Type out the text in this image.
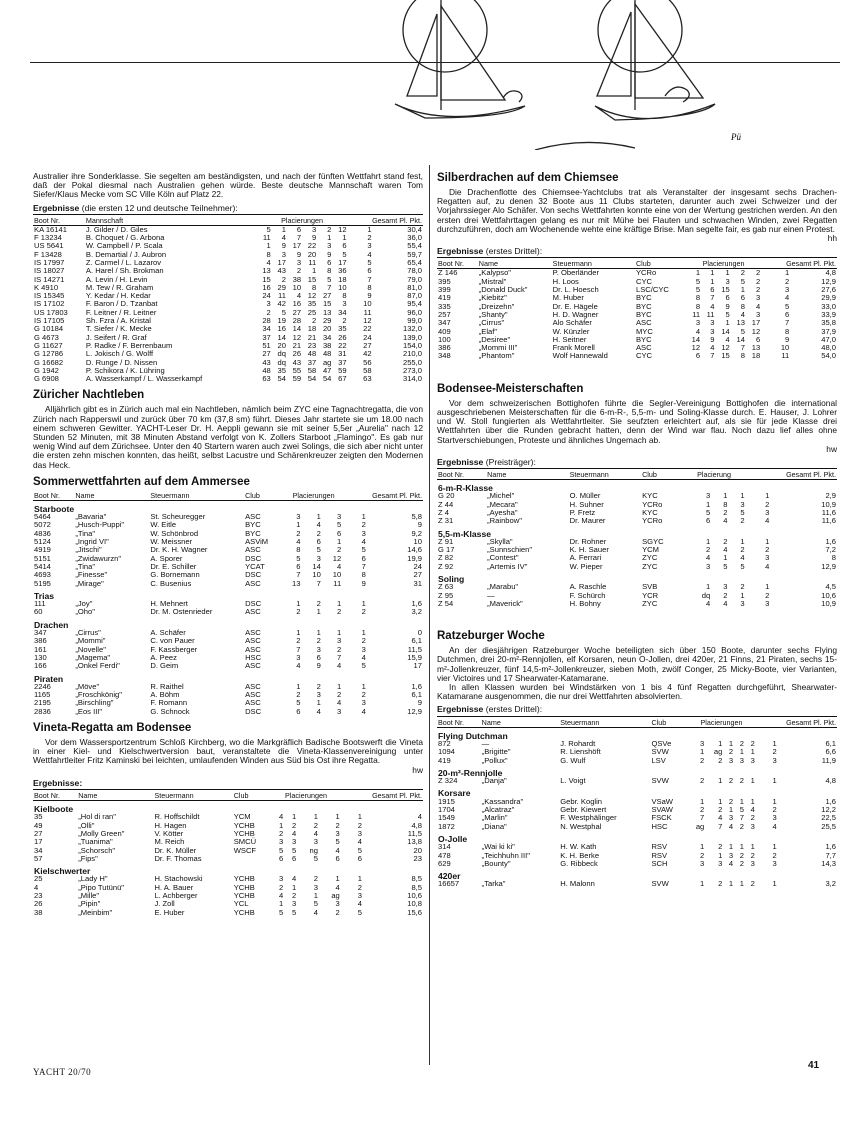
Pü

Australier ihre Sonderklasse. Sie segelten am beständigsten, und nach der fünften Wettfahrt stand fest, daß der Pokal diesmal nach Australien gehen würde. Beste deutsche Mannschaft waren Tom Siefer/Klaus Mecke vom SC Ville Köln auf Platz 22.

Ergebnisse (die ersten 12 und deutsche Teilnehmer):
Boot Nr.	Mannschaft	Placierungen						Gesamt Pl. Pkt.	
KA 16141	J. Gilder / D. Giles	5	1	6	3	2	12	1	30,4
F 13234	B. Choquet / G. Arbona	11	4	7	9	1	1	2	36,0
US 5641	W. Campbell / P. Scala	1	9	17	22	3	6	3	55,4
F 13428	B. Demartial / J. Aubron	8	3	9	20	9	5	4	59,7
IS 17997	Z. Carmel / L. Lazarov	4	17	3	11	6	17	5	65,4
IS 18027	A. Harel / Sh. Brokman	13	43	2	1	8	36	6	78,0
IS 14271	A. Levin / H. Levin	15	2	38	15	5	18	7	79,0
K 4910	M. Tew / R. Graham	16	29	10	8	7	10	8	81,0
IS 15345	Y. Kedar / H. Kedar	24	11	4	12	27	8	9	87,0
IS 17102	F. Baron / D. Tzanbat	3	42	16	35	15	3	10	95,4
US 17803	F. Leitner / R. Leitner	2	5	27	25	13	34	11	96,0
IS 17105	Sh. Fzra / A. Kristal	28	19	28	2	29	2	12	99,0
G 10184	T. Siefer / K. Mecke	34	16	14	18	20	35	22	132,0
G 4673	J. Seifert / R. Graf	37	14	12	21	34	26	24	139,0
G 11627	P. Radke / F. Berrenbaum	51	20	21	23	38	22	27	154,0
G 12786	L. Jokisch / G. Wolff	27	dq	26	48	48	31	42	210,0
G 16682	D. Runge / D. Nissen	43	dq	43	37	ag	37	56	255,0
G 1942	P. Schikora / K. Lühring	48	35	55	58	47	59	58	273,0
G 6908	A. Wasserkampf / L. Wasserkampf	63	54	59	54	54	67	63	314,0
Züricher Nachtleben

Alljährlich gibt es in Zürich auch mal ein Nachtleben, nämlich beim ZYC eine Tagnachtregatta, die von Zürich nach Rapperswil und zurück über 70 km (37,8 sm) führt. Dieses Jahr startete sie um 18.00 nach einem schweren Gewitter. YACHT-Leser Dr. H. Aeppli gewann sie mit seiner 5,5er „Aurelia" nach 12 Stunden 52 Minuten, mit 38 Minuten Abstand verfolgt von K. Zollers Starboot „Flamingo". Es gab nur wenig Wind auf dem Zürichsee. Unter den 40 Startern waren auch zwei Solings, die sich aber nicht unter die ersten zehn mischen konnten, das heißt, selbst Lacustre und Schärenkreuzer zeigten den Modernen das Heck.

Sommerwettfahrten auf dem Ammersee
Boot Nr.	Name	Steuermann	Club	Placierungen				Gesamt Pl. Pkt.	
Starboote									
5464	„Bavaria"	St. Scheuregger	ASC	3	1	3		1	5,8
5072	„Husch-Puppi"	W. Eitle	BYC	1	4	5		2	9
4836	„Tina"	W. Schönbrod	BYC	2	2	6		3	9,2
5124	„Ingrid VI"	W. Meissner	ASViM	4	6	1		4	10
4919	„Jitschi"	Dr. K. H. Wagner	ASC	8	5	2		5	14,6
5151	„Zwidawurzn"	A. Sporer	DSC	5	3	12		6	19,9
5414	„Tina"	Dr. E. Schiller	YCAT	6	14	4		7	24
4693	„Finesse"	G. Bornemann	DSC	7	10	10		8	27
5195	„Mirage"	C. Busenius	ASC	13	7	11		9	31
Trias									
111	„Joy"	H. Mehnert	DSC	1	2	1		1	1,6
60	„Oho"	Dr. M. Ostenrieder	ASC	2	1	2		2	3,2
Drachen									
347	„Cirrus"	A. Schäfer	ASC	1	1	1		1	0
386	„Mommi"	C. von Pauer	ASC	2	2	3		2	6,1
161	„Novelle"	F. Kassberger	ASC	7	3	2		3	11,5
130	„Magema"	A. Peez	HSC	3	6	7		4	15,9
166	„Onkel Ferdi"	D. Geim	ASC	4	9	4		5	17
Piraten									
2246	„Möve"	R. Raithel	ASC	1	2	1		1	1,6
1165	„Froschkönig"	A. Böhm	ASC	2	3	2		2	6,1
2195	„Birschling"	F. Romann	ASC	5	1	4		3	9
2836	„Eos III"	G. Schnock	DSC	6	4	3		4	12,9
Vineta-Regatta am Bodensee

Vor dem Wassersportzentrum Schloß Kirchberg, wo die Markgräflich Badische Bootswerft die Vineta in einer Kiel- und Kielschwertversion baut, veranstaltete die Vineta-Klassenvereinigung unter Wettfahrtleiter Fritz Kaminski bei leichten, umlaufenden Winden aus Süd bis Ost ihre Regatta.

hw
Ergebnisse:
Boot Nr.	Name	Steuermann	Club	Placierungen				Gesamt Pl. Pkt.	
Kielboote									
35	„Hol di ran"	R. Hoffschildt	YCM	4	1	1	1	1	4
49	„Olli"	H. Hagen	YCHB	1	2	2	2	2	4,8
27	„Molly Green"	V. Kötter	YCHB	2	4	4	3	3	11,5
17	„Tuanima"	M. Reich	SMCÜ	3	3	3	5	4	13,8
34	„Schorsch"	Dr. K. Müller	WSCF	5	5	ng	4	5	20
57	„Fips"	Dr. F. Thomas		6	6	5	6	6	23
Kielschwerter									
25	„Lady H"	H. Stachowski	YCHB	3	4	2	1	1	8,5
4	„Pipo Tutünü"	H. A. Bauer	YCHB	2	1	3	4	2	8,5
23	„Mille"	L. Achberger	YCHB	4	2	1	ag	3	10,6
26	„Pipin"	J. Zoll	YCL	1	3	5	3	4	10,8
38	„Meinbim"	E. Huber	YCHB	5	5	4	2	5	15,6
Silberdrachen auf dem Chiemsee

Die Drachenflotte des Chiemsee-Yachtclubs trat als Veranstalter der insgesamt sechs Drachen-Regatten auf, zu denen 32 Boote aus 11 Clubs starteten, darunter auch zwei Schweizer und der Vorjahrssieger Alo Schäfer. Von sechs Wettfahrten konnte eine von der Wertung gestrichen werden. An den ersten drei Wettfahrttagen gelang es nur mit Mühe bei Flauten und schwachen Winden, zwei Regatten durchzuführen, doch am Wochenende wehte eine kräftige Brise. Man segelte fair, es gab nur einen Protest.

hh
Ergebnisse (erstes Drittel):
Boot Nr.	Name	Steuermann	Club	Placierungen					Gesamt Pl. Pkt.	
Z 146	„Kalypso"	P. Oberländer	YCRo	1	1	1	2	2	1	4,8
395	„Mistral"	H. Loos	CYC	5	1	3	5	2	2	12,9
399	„Donald Duck"	Dr. L. Hoesch	LSC/CYC	5	6	15	1	2	3	27,6
419	„Kiebitz"	M. Huber	BYC	8	7	6	6	3	4	29,9
335	„Dreizehn"	Dr. E. Hägele	BYC	8	4	9	8	4	5	33,0
257	„Shanty"	H. D. Wagner	BYC	11	11	5	4	3	6	33,9
347	„Cirrus"	Alo Schäfer	ASC	3	3	1	13	17	7	35,8
409	„Elaf"	W. Künzler	MYC	4	3	14	5	12	8	37,9
100	„Desiree"	H. Seitner	BYC	14	9	4	14	6	9	47,0
386	„Mommi III"	Frank Morell	ASC	12	4	12	7	13	10	48,0
348	„Phantom"	Wolf Hannewald	CYC	6	7	15	8	18	11	54,0
Bodensee-Meisterschaften

Vor dem schweizerischen Bottighofen führte die Segler-Vereinigung Bottighofen die international ausgeschriebenen Meisterschaften für die 6-m-R-, 5,5-m- und Soling-Klasse durch. E. Hauser, J. Lohrer und W. Stoll fungierten als Wettfahrtleiter. Sie seufzten erleichtert auf, als sie für jede Klasse drei Wettfahrten über die Runden gebracht hatten, denn der Wind war flau. Noch dazu lief alles ohne Startverschiebungen, Proteste und ähnliches Ungemach ab.

hw
Ergebnisse (Preisträger):
Boot Nr.	Name	Steuermann	Club	Placierung			Gesamt Pl. Pkt.	
6-m-R-Klasse								
G 20	„Michel"	O. Müller	KYC	3	1	1	1	2,9
Z 44	„Mecara"	H. Suhner	YCRo	1	8	3	2	10,9
Z 4	„Ayesha"	P. Fretz	KYC	5	2	5	3	11,6
Z 31	„Rainbow"	Dr. Maurer	YCRo	6	4	2	4	11,6
5,5-m-Klasse								
Z 91	„Skylla"	Dr. Rohner	SGYC	1	2	1	1	1,6
G 17	„Sunnschien"	K. H. Sauer	YCM	2	4	2	2	7,2
Z 82	„Contest"	A. Ferrari	ZYC	4	1	4	3	8
Z 92	„Artemis IV"	W. Pieper	ZYC	3	5	5	4	12,9
Soling								
Z 63	„Marabu"	A. Raschle	SVB	1	3	2	1	4,5
Z 95	—	F. Schürch	YCR	dq	2	1	2	10,6
Z 54	„Maverick"	H. Bohny	ZYC	4	4	3	3	10,9
Ratzeburger Woche

An der diesjährigen Ratzeburger Woche beteiligten sich über 150 Boote, darunter sechs Flying Dutchmen, drei 20-m²-Rennjollen, elf Korsaren, neun O-Jollen, drei 420er, 21 Finns, 21 Piraten, sechs 15-m²-Jollenkreuzer, fünf 14,5-m²-Jollenkreuzer, sieben Moth, zwölf Conger, 25 Micky-Boote, vier Varianten, vier Victoires und 17 Shearwater-Katamarane.

In allen Klassen wurden bei Windstärken von 1 bis 4 fünf Regatten durchgeführt, Shearwater-Katamarane ausgenommen, die nur drei Wettfahrten absolvierten.

Ergebnisse (erstes Drittel):
Boot Nr.	Name	Steuermann	Club	Placierungen					Gesamt Pl. Pkt.	
Flying Dutchman										
872	—	J. Rohardt	QSVe	3	1	1	2	2	1	6,1
1094	„Brigitte"	R. Lienshöft	SVW	1	ag	2	1	1	2	6,6
419	„Pollux"	G. Wulf	LSV	2	2	3	3	3	3	11,9
20-m²-Rennjolle										
Z 324	„Danja"	L. Voigt	SVW	2	1	2	2	1	1	4,8
Korsare										
1915	„Kassandra"	Gebr. Koglin	VSaW	1	1	2	1	1	1	1,6
1704	„Alcatraz"	Gebr. Kiewert	SVAW	2	2	1	5	4	2	12,2
1549	„Marlin"	F. Westphälinger	FSCK	7	4	3	7	2	3	22,5
1872	„Diana"	N. Westphal	HSC	ag	7	4	2	3	4	25,5
O-Jolle										
314	„Wai ki ki"	H. W. Kath	RSV	1	2	1	1	1	1	1,6
478	„Teichhuhn III"	K. H. Berke	RSV	2	1	3	2	2	2	7,7
629	„Bounty"	G. Ribbeck	SCH	3	3	4	2	3	3	14,3
420er										
16657	„Tarka"	H. Malonn	SVW	1	2	1	1	2	1	3,2
YACHT 20/70
41
